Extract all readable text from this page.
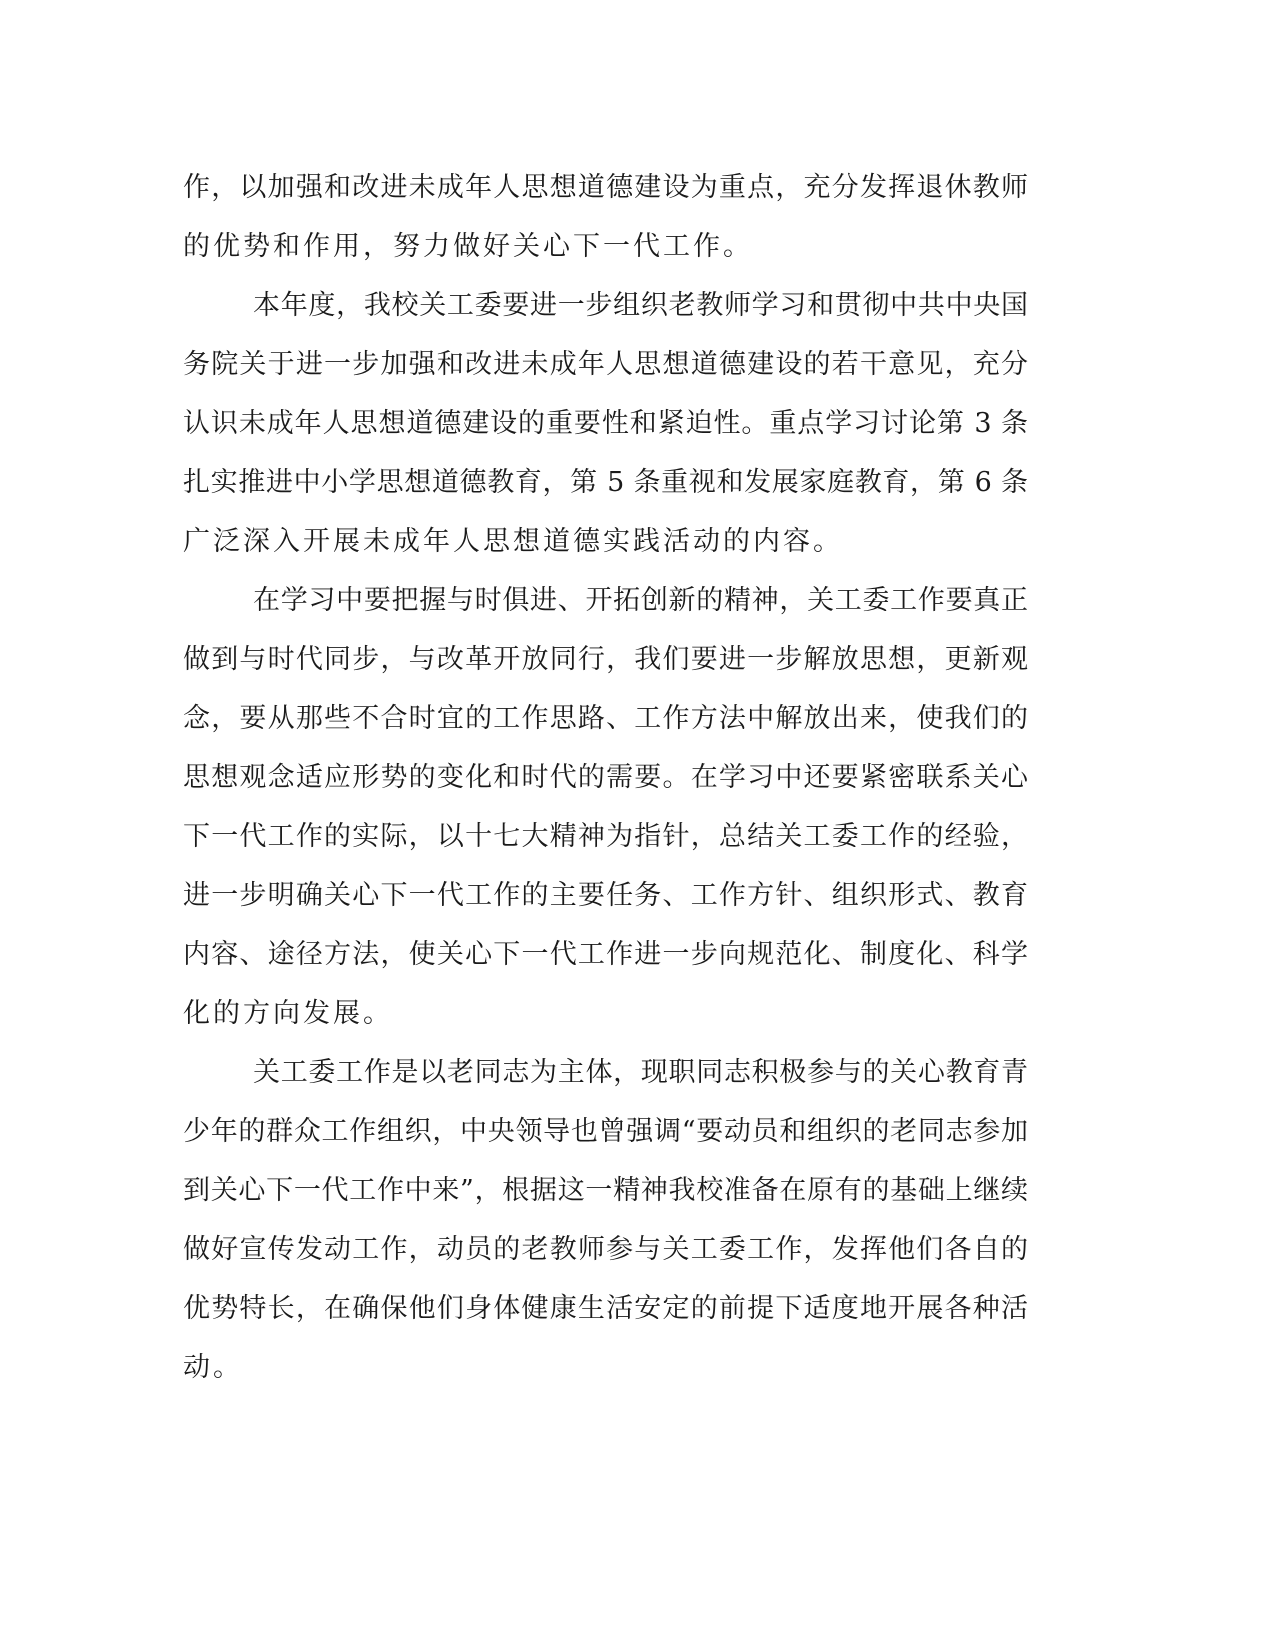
作，以加强和改进未成年人思想道德建设为重点，充分发挥退休教师
的优势和作用，努力做好关心下一代工作。
本年度，我校关工委要进一步组织老教师学习和贯彻中共中央国
务院关于进一步加强和改进未成年人思想道德建设的若干意见，充分
认识未成年人思想道德建设的重要性和紧迫性。重点学习讨论第 3 条
扎实推进中小学思想道德教育，第 5 条重视和发展家庭教育，第 6 条
广泛深入开展未成年人思想道德实践活动的内容。
在学习中要把握与时俱进、开拓创新的精神，关工委工作要真正
做到与时代同步，与改革开放同行，我们要进一步解放思想，更新观
念，要从那些不合时宜的工作思路、工作方法中解放出来，使我们的
思想观念适应形势的变化和时代的需要。在学习中还要紧密联系关心
下一代工作的实际，以十七大精神为指针，总结关工委工作的经验，
进一步明确关心下一代工作的主要任务、工作方针、组织形式、教育
内容、途径方法，使关心下一代工作进一步向规范化、制度化、科学
化的方向发展。
关工委工作是以老同志为主体，现职同志积极参与的关心教育青
少年的群众工作组织，中央领导也曾强调“要动员和组织的老同志参加
到关心下一代工作中来”，根据这一精神我校准备在原有的基础上继续
做好宣传发动工作，动员的老教师参与关工委工作，发挥他们各自的
优势特长，在确保他们身体健康生活安定的前提下适度地开展各种活
动。
